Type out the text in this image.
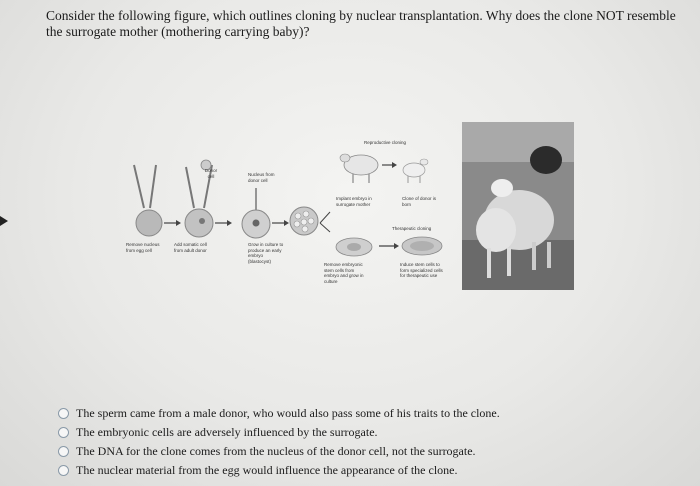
Consider the following figure, which outlines cloning by nuclear transplantation. Why does the clone NOT resemble the surrogate mother (mothering carrying baby)?
Donor cell
Remove nucleus from egg cell
Add somatic cell from adult donor
Nucleus from donor cell
Grow in culture to produce an early embryo (blastocyst)
Reproductive cloning
Implant embryo in surrogate mother
Clone of donor is born
Therapeutic cloning
Remove embryonic stem cells from embryo and grow in culture
Induce stem cells to form specialized cells for therapeutic use
The sperm came from a male donor, who would also pass some of his traits to the clone.
The embryonic cells are adversely influenced by the surrogate.
The DNA for the clone comes from the nucleus of the donor cell, not the surrogate.
The nuclear material from the egg would influence the appearance of the clone.
